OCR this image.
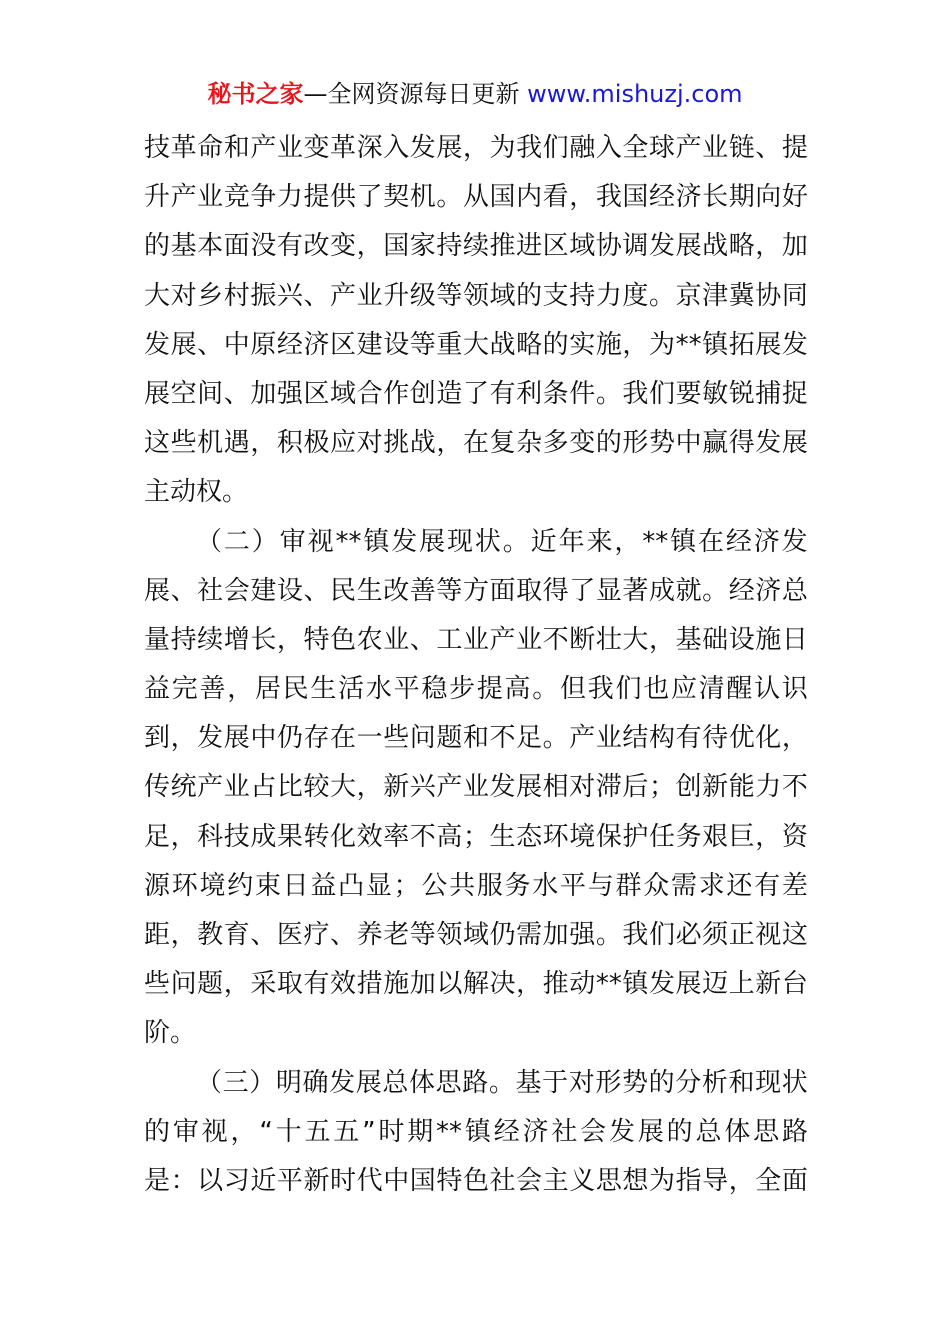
秘书之家—全网资源每日更新 www.mishuzj.com
技 革 命 和 产 业 变 革 深 入 发 展 ， 为 我 们 融 入 全 球 产 业 链 、 提
升 产 业 竞 争 力 提 供 了 契 机 。 从 国 内 看 ， 我 国 经 济 长 期 向 好
的 基 本 面 没 有 改 变 ， 国 家 持 续 推 进 区 域 协 调 发 展 战 略 ， 加
大 对 乡 村 振 兴 、 产 业 升 级 等 领 域 的 支 持 力 度 。 京 津 冀 协 同
发 展 、 中 原 经 济 区 建 设 等 重 大 战 略 的 实 施 ， 为 ** 镇 拓 展 发
展 空 间 、 加 强 区 域 合 作 创 造 了 有 利 条 件 。 我 们 要 敏 锐 捕 捉
这 些 机 遇 ， 积 极 应 对 挑 战 ， 在 复 杂 多 变 的 形 势 中 赢 得 发 展
主动权。
（ 二 ） 审 视 ** 镇 发 展 现 状 。 近 年 来 ， ** 镇 在 经 济 发
展 、 社 会 建 设 、 民 生 改 善 等 方 面 取 得 了 显 著 成 就 。 经 济 总
量 持 续 增 长 ， 特 色 农 业 、 工 业 产 业 不 断 壮 大 ， 基 础 设 施 日
益 完 善 ， 居 民 生 活 水 平 稳 步 提 高 。 但 我 们 也 应 清 醒 认 识
到 ， 发 展 中 仍 存 在 一 些 问 题 和 不 足 。 产 业 结 构 有 待 优 化 ，
传 统 产 业 占 比 较 大 ， 新 兴 产 业 发 展 相 对 滞 后 ； 创 新 能 力 不
足 ， 科 技 成 果 转 化 效 率 不 高 ； 生 态 环 境 保 护 任 务 艰 巨 ， 资
源 环 境 约 束 日 益 凸 显 ； 公 共 服 务 水 平 与 群 众 需 求 还 有 差
距 ， 教 育 、 医 疗 、 养 老 等 领 域 仍 需 加 强 。 我 们 必 须 正 视 这
些 问 题 ， 采 取 有 效 措 施 加 以 解 决 ， 推 动 ** 镇 发 展 迈 上 新 台
阶。
（ 三 ） 明 确 发 展 总 体 思 路 。 基 于 对 形 势 的 分 析 和 现 状
的 审 视 ， “ 十 五 五 ” 时 期 ** 镇 经 济 社 会 发 展 的 总 体 思 路
是 ： 以 习 近 平 新 时 代 中 国 特 色 社 会 主 义 思 想 为 指 导 ， 全 面
